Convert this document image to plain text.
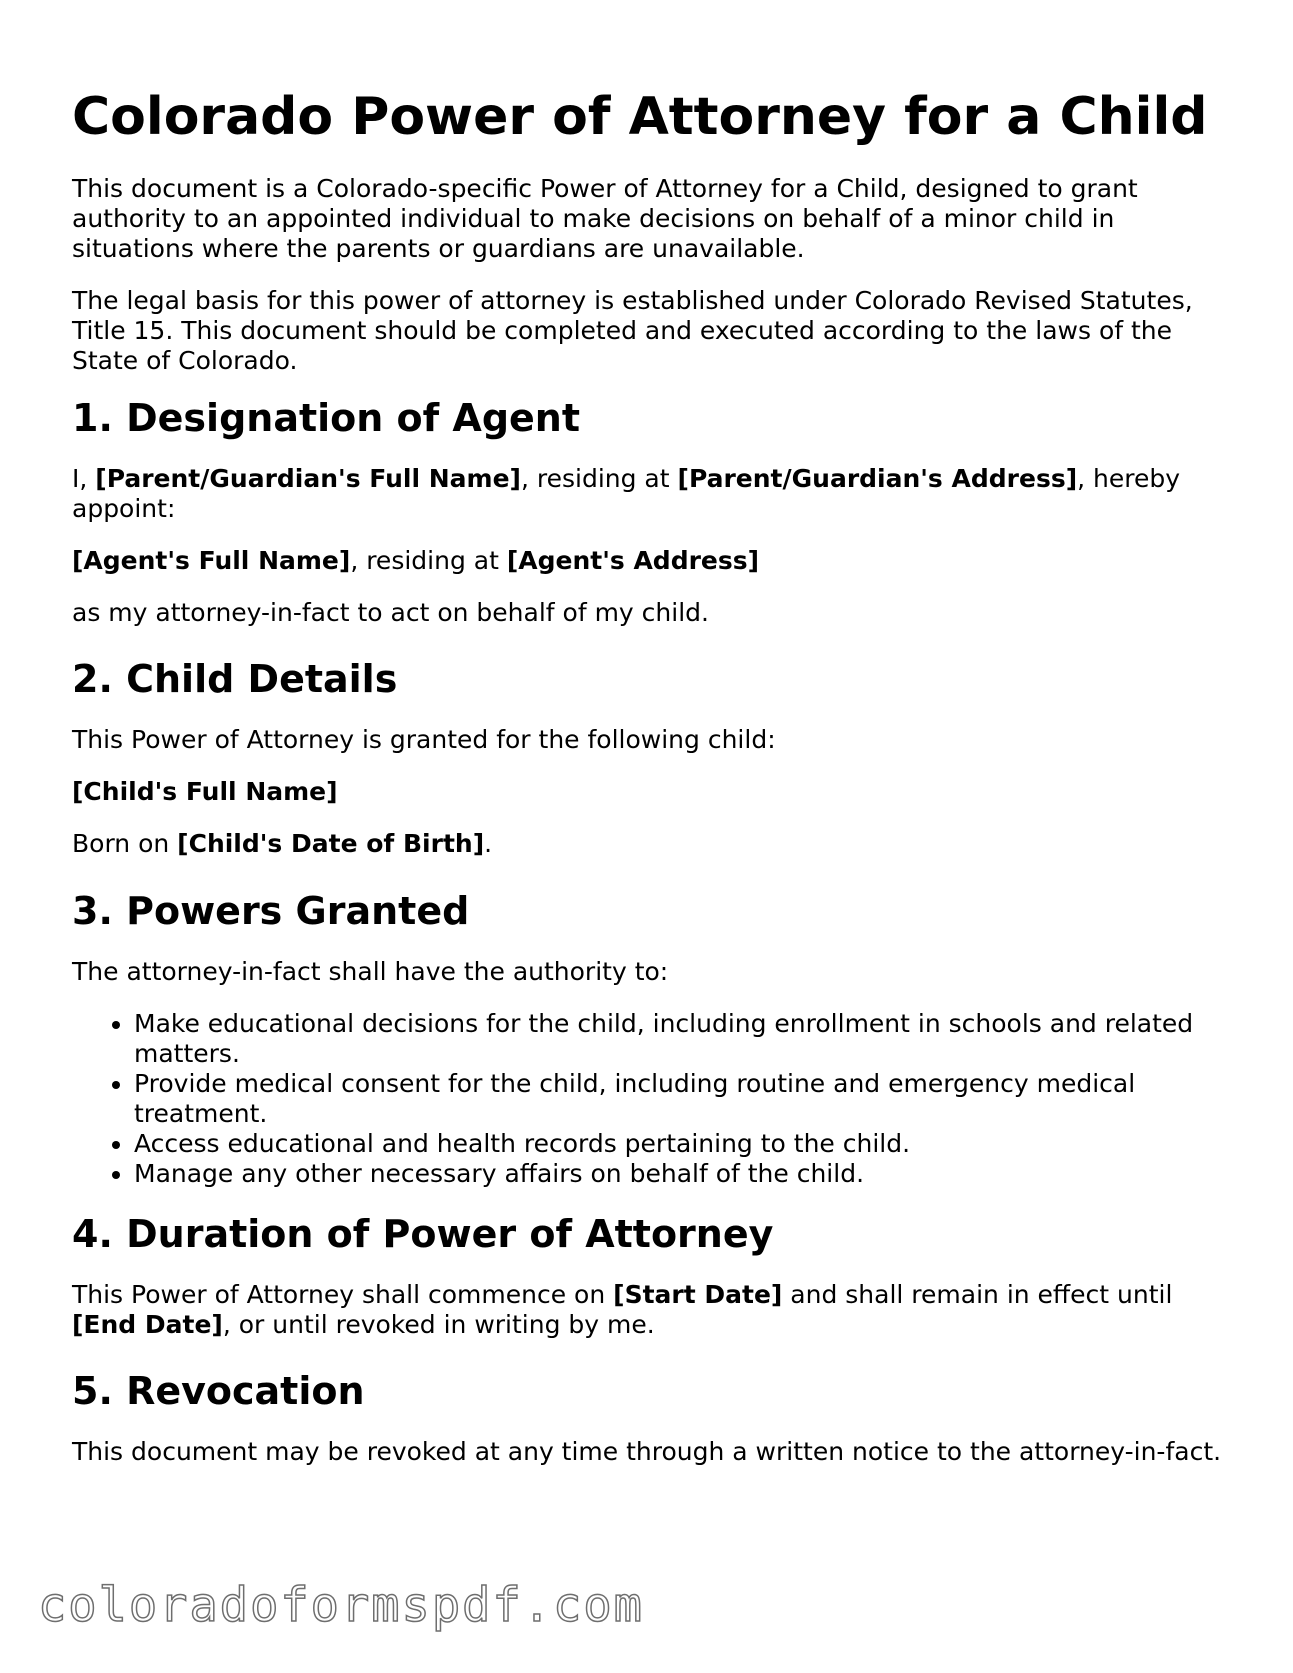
Colorado Power of Attorney for a Child

This document is a Colorado-specific Power of Attorney for a Child, designed to grant authority to an appointed individual to make decisions on behalf of a minor child in situations where the parents or guardians are unavailable.

The legal basis for this power of attorney is established under Colorado Revised Statutes, Title 15. This document should be completed and executed according to the laws of the State of Colorado.

1. Designation of Agent

I, [Parent/Guardian's Full Name], residing at [Parent/Guardian's Address], hereby appoint:

[Agent's Full Name], residing at [Agent's Address]

as my attorney-in-fact to act on behalf of my child.

2. Child Details

This Power of Attorney is granted for the following child:

[Child's Full Name]

Born on [Child's Date of Birth].

3. Powers Granted

The attorney-in-fact shall have the authority to:

• Make educational decisions for the child, including enrollment in schools and related matters.
• Provide medical consent for the child, including routine and emergency medical treatment.
• Access educational and health records pertaining to the child.
• Manage any other necessary affairs on behalf of the child.
4. Duration of Power of Attorney

This Power of Attorney shall commence on [Start Date] and shall remain in effect until [End Date], or until revoked in writing by me.

5. Revocation

This document may be revoked at any time through a written notice to the attorney-in-fact.

coloradoformspdf.com
